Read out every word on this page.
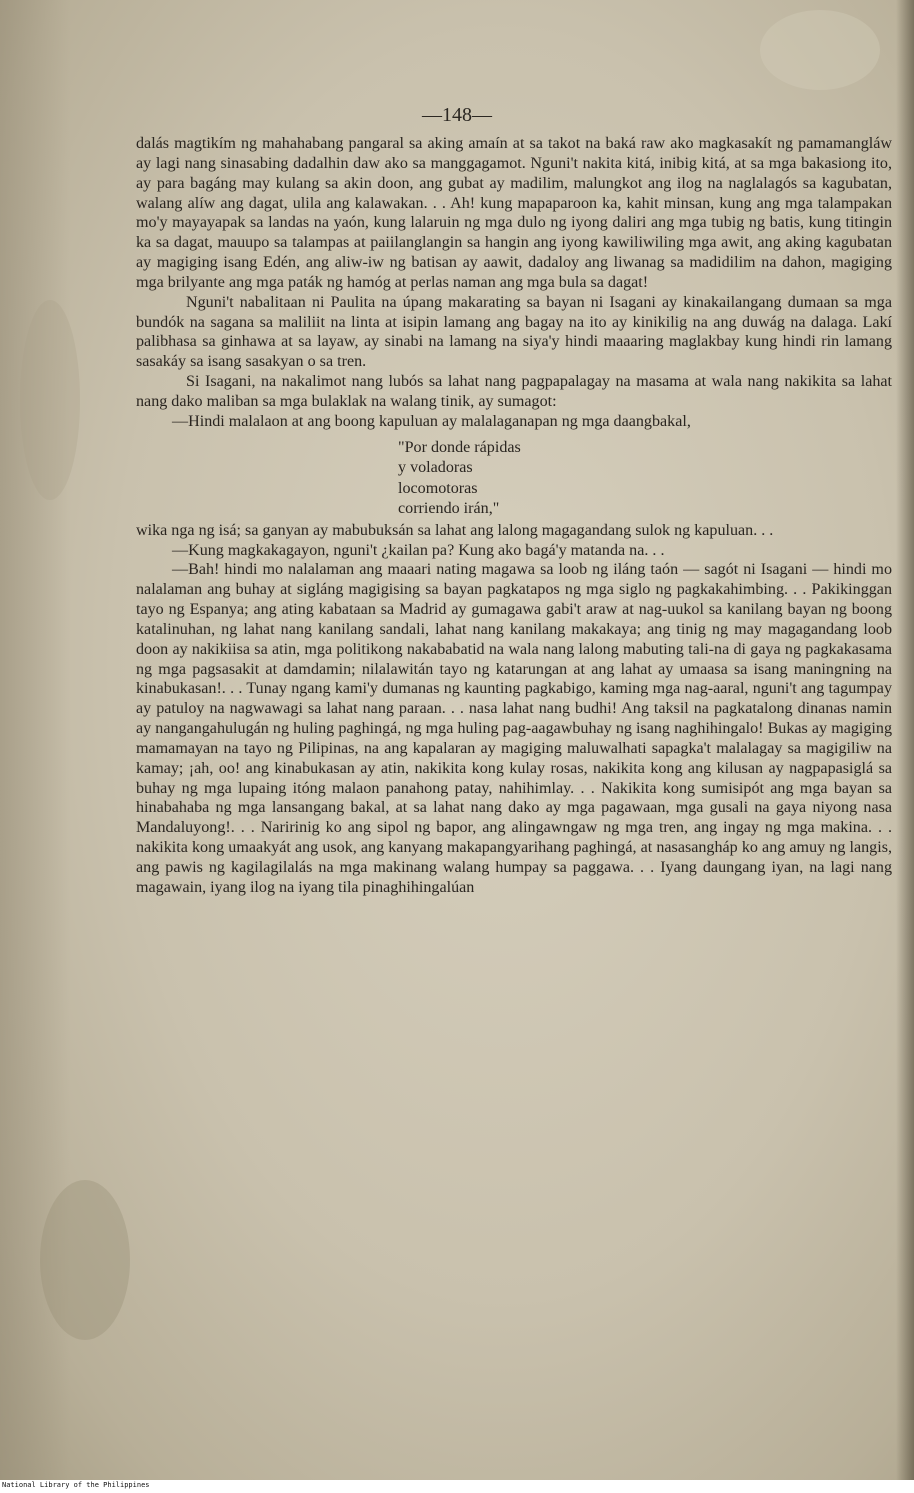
—148—

dalás magtikím ng mahahabang pangaral sa aking amaín at sa takot na baká raw ako magkasakít ng pamamangláw ay lagi nang sinasabing dadalhin daw ako sa manggagamot. Nguni't nakita kitá, inibig kitá, at sa mga bakasiong ito, ay para bagáng may kulang sa akin doon, ang gubat ay madilim, malungkot ang ilog na naglalagós sa kagubatan, walang alíw ang dagat, ulila ang kalawakan. . . Ah! kung mapaparoon ka, kahit minsan, kung ang mga talampakan mo'y mayayapak sa landas na yaón, kung lalaruin ng mga dulo ng iyong daliri ang mga tubig ng batis, kung titingin ka sa dagat, mauupo sa talampas at paiilanglangin sa hangin ang iyong kawiliwiling mga awit, ang aking kagubatan ay magiging isang Edén, ang aliw-iw ng batisan ay aawit, dadaloy ang liwanag sa madidilim na dahon, magiging mga brilyante ang mga paták ng hamóg at perlas naman ang mga bula sa dagat!

Nguni't nabalitaan ni Paulita na úpang makarating sa bayan ni Isagani ay kinakailangang dumaan sa mga bundók na sagana sa maliliit na linta at isipin lamang ang bagay na ito ay kinikilig na ang duwág na dalaga. Lakí palibhasa sa ginhawa at sa layaw, ay sinabi na lamang na siya'y hindi maaaring maglakbay kung hindi rin lamang sasakáy sa isang sasakyan o sa tren.

Si Isagani, na nakalimot nang lubós sa lahat nang pagpapalagay na masama at wala nang nakikita sa lahat nang dako maliban sa mga bulaklak na walang tinik, ay sumagot:

—Hindi malalaon at ang boong kapuluan ay malalaganapan ng mga daangbakal,

"Por donde rápidas
y voladoras
locomotoras
corriendo irán,"

wika nga ng isá; sa ganyan ay mabubuksán sa lahat ang lalong magagandang sulok ng kapuluan. . .

—Kung magkakagayon, nguni't ¿kailan pa? Kung ako bagá'y matanda na. . .

—Bah! hindi mo nalalaman ang maaari nating magawa sa loob ng iláng taón — sagót ni Isagani — hindi mo nalalaman ang buhay at sigláng magigising sa bayan pagkatapos ng mga siglo ng pagkakahimbing. . . Pakikinggan tayo ng Espanya; ang ating kabataan sa Madrid ay gumagawa gabi't araw at nag-uukol sa kanilang bayan ng boong katalinuhan, ng lahat nang kanilang sandali, lahat nang kanilang makakaya; ang tinig ng may magagandang loob doon ay nakikiisa sa atin, mga politikong nakababatid na wala nang lalong mabuting tali-na di gaya ng pagkakasama ng mga pagsasakit at damdamin; nilalawitán tayo ng katarungan at ang lahat ay umaasa sa isang maningning na kinabukasan!. . . Tunay ngang kami'y dumanas ng kaunting pagkabigo, kaming mga nag-aaral, nguni't ang tagumpay ay patuloy na nagwawagi sa lahat nang paraan. . . nasa lahat nang budhi! Ang taksil na pagkatalong dinanas namin ay nangangahulugán ng huling paghingá, ng mga huling pag-aagawbuhay ng isang naghihingalo! Bukas ay magiging mamamayan na tayo ng Pilipinas, na ang kapalaran ay magiging maluwalhati sapagka't malalagay sa magigiliw na kamay; ¡ah, oo! ang kinabukasan ay atin, nakikita kong kulay rosas, nakikita kong ang kilusan ay nagpapasiglá sa buhay ng mga lupaing itóng malaon panahong patay, nahihimlay. . . Nakikita kong sumisipót ang mga bayan sa hinabahaba ng mga lansangang bakal, at sa lahat nang dako ay mga pagawaan, mga gusali na gaya niyong nasa Mandaluyong!. . . Naririnig ko ang sipol ng bapor, ang alingawngaw ng mga tren, ang ingay ng mga makina. . . nakikita kong umaakyát ang usok, ang kanyang makapangyarihang paghingá, at nasasangháp ko ang amuy ng langis, ang pawis ng kagilagilalás na mga makinang walang humpay sa paggawa. . . Iyang daungang iyan, na lagi nang magawain, iyang ilog na iyang tila pinaghihingalúan

National Library of the Philippines
